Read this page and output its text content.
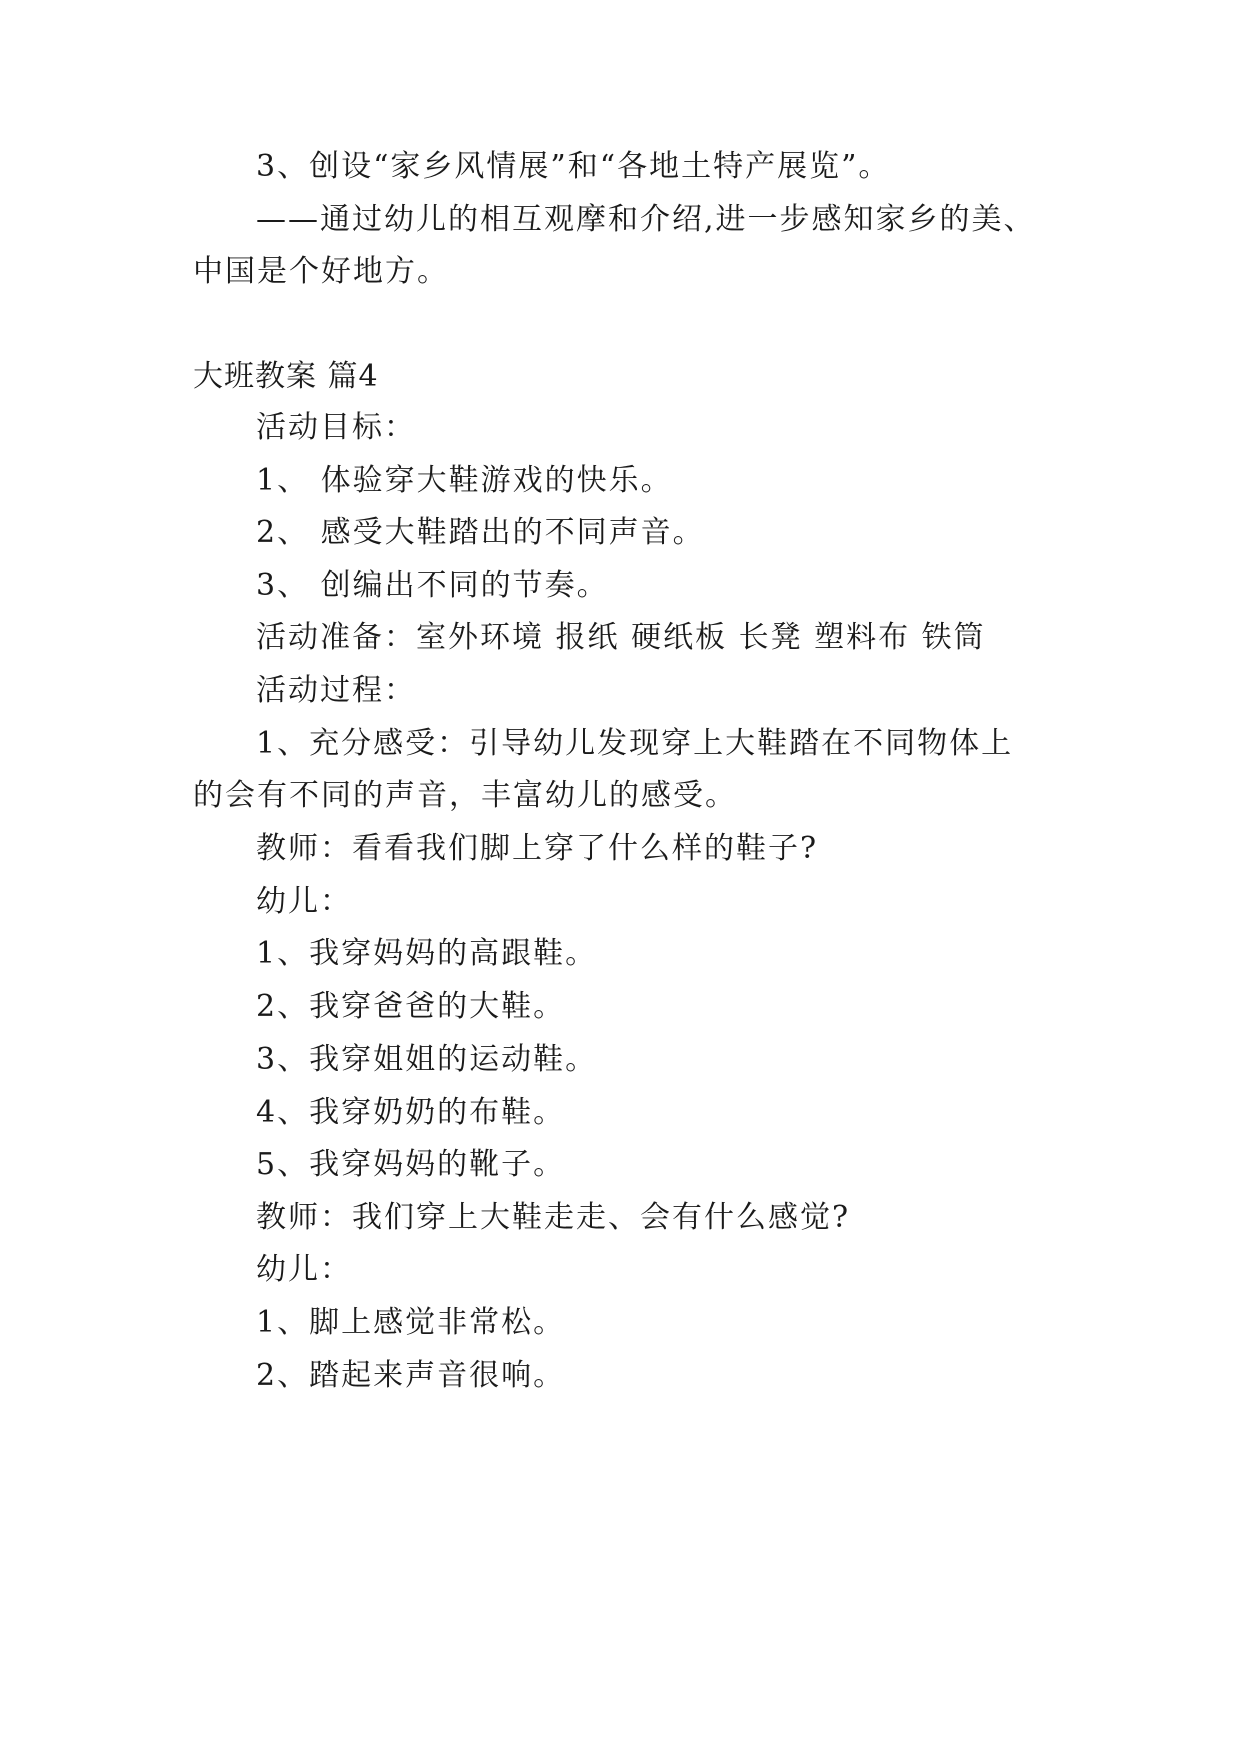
3、创设“家乡风情展”和“各地土特产展览”。
——通过幼儿的相互观摩和介绍,进一步感知家乡的美、
中国是个好地方。
大班教案 篇4
活动目标：
1、 体验穿大鞋游戏的快乐。
2、 感受大鞋踏出的不同声音。
3、 创编出不同的节奏。
活动准备：室外环境 报纸 硬纸板 长凳 塑料布 铁筒
活动过程：
1、充分感受：引导幼儿发现穿上大鞋踏在不同物体上
的会有不同的声音，丰富幼儿的感受。
教师：看看我们脚上穿了什么样的鞋子?
幼儿：
1、我穿妈妈的高跟鞋。
2、我穿爸爸的大鞋。
3、我穿姐姐的运动鞋。
4、我穿奶奶的布鞋。
5、我穿妈妈的靴子。
教师：我们穿上大鞋走走、会有什么感觉?
幼儿：
1、脚上感觉非常松。
2、踏起来声音很响。
